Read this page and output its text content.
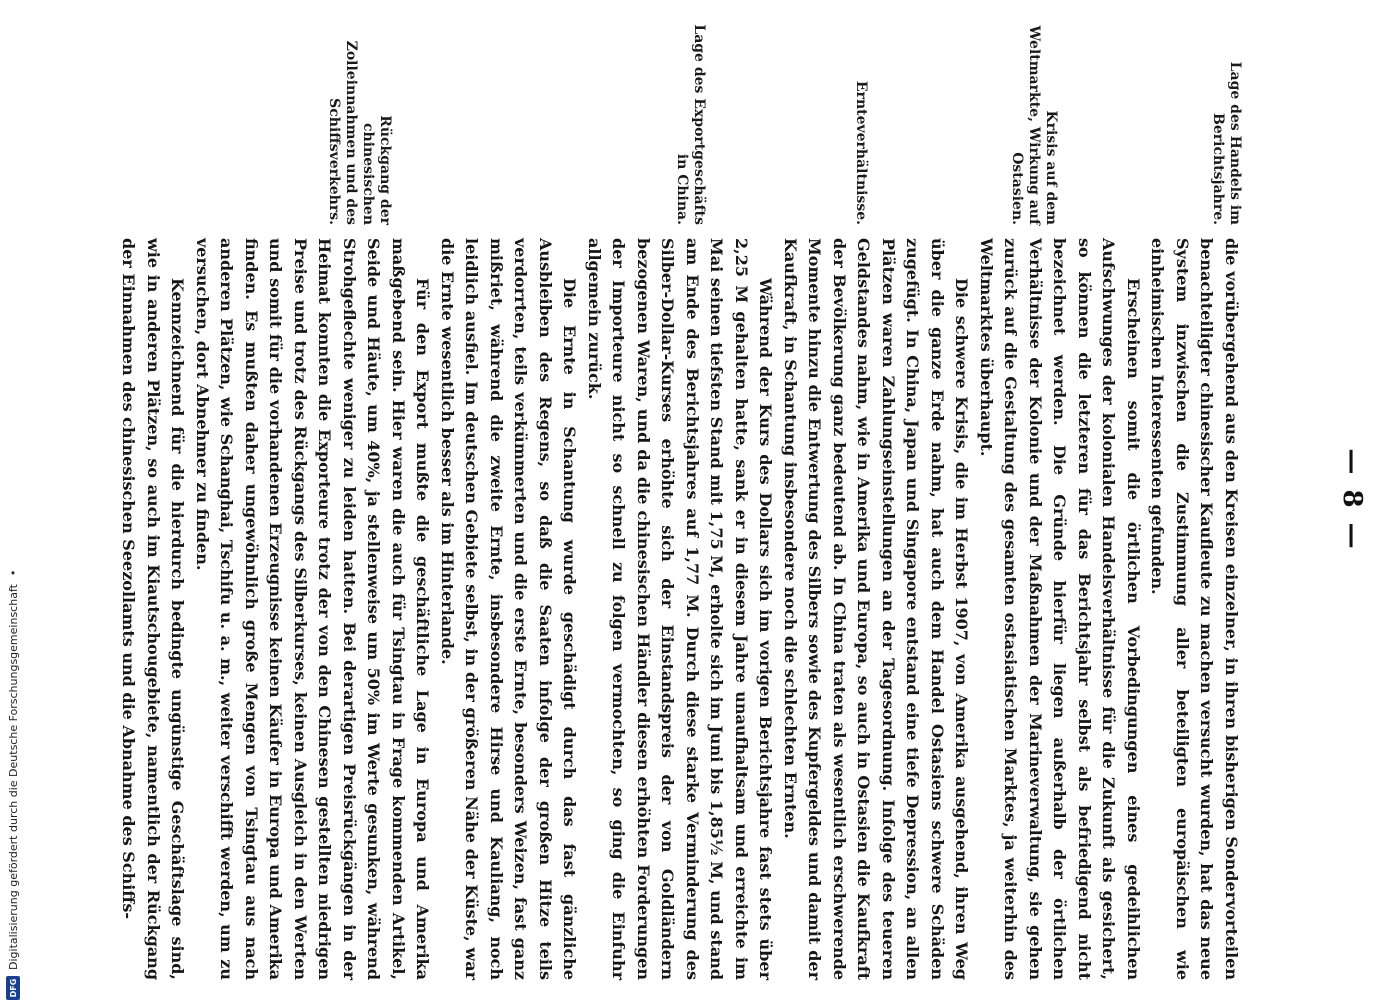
— 8 —
Lage des Handels im Berichtsjahre.
Krisis auf dem Weltmarkte, Wirkung auf Ostasien.
Ernteverhältnisse.
Lage des Exportgeschäfts in China.
Rückgang der chinesischen Zolleinnahmen und des Schiffsverkehrs.

die vorübergehend aus den Kreisen einzelner, in ihren bisherigen Sondervorteilen benachteiligter chinesischer Kaufleute zu machen versucht wurden, hat das neue System inzwischen die Zustimmung aller beteiligten europäischen wie einheimischen Interessenten gefunden.

Erscheinen somit die örtlichen Vorbedingungen eines gedeihlichen Aufschwunges der kolonialen Handelsverhältnisse für die Zukunft als gesichert, so können die letzteren für das Berichtsjahr selbst als befriedigend nicht bezeichnet werden. Die Gründe hierfür liegen außerhalb der örtlichen Verhältnisse der Kolonie und der Maßnahmen der Marineverwaltung, sie gehen zurück auf die Gestaltung des gesamten ostasiatischen Marktes, ja weiterhin des Weltmarktes überhaupt.

Die schwere Krisis, die im Herbst 1907, von Amerika ausgehend, ihren Weg über die ganze Erde nahm, hat auch dem Handel Ostasiens schwere Schäden zugefügt. In China, Japan und Singapore entstand eine tiefe Depression, an allen Plätzen waren Zahlungseinstellungen an der Tagesordnung. Infolge des teueren Geldstandes nahm, wie in Amerika und Europa, so auch in Ostasien die Kaufkraft der Bevölkerung ganz bedeutend ab. In China traten als wesentlich erschwerende Momente hinzu die Entwertung des Silbers sowie des Kupfergeldes und damit der Kaufkraft, in Schantung insbesondere noch die schlechten Ernten.

Während der Kurs des Dollars sich im vorigen Berichtsjahre fast stets über 2,25 M gehalten hatte, sank er in diesem Jahre unaufhaltsam und erreichte im Mai seinen tiefsten Stand mit 1,75 M, erholte sich im Juni bis 1,85½ M, und stand am Ende des Berichtsjahres auf 1,77 M. Durch diese starke Verminderung des Silber-Dollar-Kurses erhöhte sich der Einstandspreis der von Goldländern bezogenen Waren, und da die chinesischen Händler diesen erhöhten Forderungen der Importeure nicht so schnell zu folgen vermochten, so ging die Einfuhr allgemein zurück.

Die Ernte in Schantung wurde geschädigt durch das fast gänzliche Ausbleiben des Regens, so daß die Saaten infolge der großen Hitze teils verdorrten, teils verkümmerten und die erste Ernte, besonders Weizen, fast ganz mißriet, während die zweite Ernte, insbesondere Hirse und Kauliang, noch leidlich ausfiel. Im deutschen Gebiete selbst, in der größeren Nähe der Küste, war die Ernte wesentlich besser als im Hinterlande.

Für den Export mußte die geschäftliche Lage in Europa und Amerika maßgebend sein. Hier waren die auch für Tsingtau in Frage kommenden Artikel, Seide und Häute, um 40%, ja stellenweise um 50% im Werte gesunken, während Strohgeflechte weniger zu leiden hatten. Bei derartigen Preisrückgängen in der Heimat konnten die Exporteure trotz der von den Chinesen gestellten niedrigen Preise und trotz des Rückgangs des Silberkurses, keinen Ausgleich in den Werten und somit für die vorhandenen Erzeugnisse keinen Käufer in Europa und Amerika finden. Es mußten daher ungewöhnlich große Mengen von Tsingtau aus nach anderen Plätzen, wie Schanghai, Tschifu u. a. m., weiter verschifft werden, um zu versuchen, dort Abnehmer zu finden.

Kennzeichnend für die hierdurch bedingte ungünstige Geschäftslage sind, wie in anderen Plätzen, so auch im Kiautschougebiete, namentlich der Rückgang der Einnahmen des chinesischen Seezollamts und die Abnahme des Schiffs-

DFG
Digitalisierung gefördert durch die Deutsche Forschungsgemeinschaft
•
